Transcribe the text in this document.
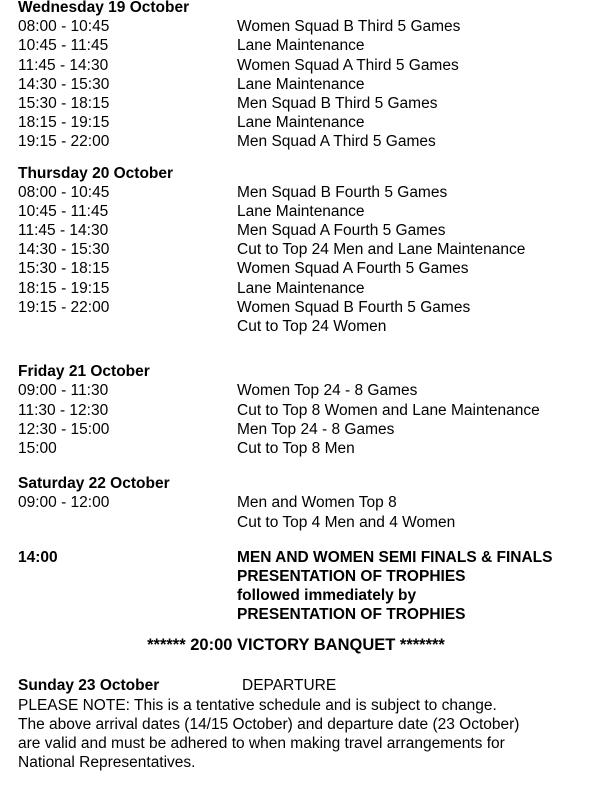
Wednesday 19 October
08:00 - 10:45	Women Squad B Third 5 Games
10:45 - 11:45	Lane Maintenance
11:45 - 14:30	Women Squad A Third 5 Games
14:30 - 15:30	Lane Maintenance
15:30 - 18:15	Men Squad B Third 5 Games
18:15 - 19:15	Lane Maintenance
19:15 - 22:00	Men Squad A Third 5 Games
Thursday 20 October
08:00 - 10:45	Men Squad B Fourth 5 Games
10:45 - 11:45	Lane Maintenance
11:45 - 14:30	Men Squad A Fourth 5 Games
14:30 - 15:30	Cut to Top 24 Men and Lane Maintenance
15:30 - 18:15	Women Squad A Fourth 5 Games
18:15 - 19:15	Lane Maintenance
19:15 - 22:00	Women Squad B Fourth 5 Games
Cut to Top 24 Women
Friday 21 October
09:00 - 11:30	Women Top 24 - 8 Games
11:30 - 12:30	Cut to Top 8 Women and Lane Maintenance
12:30 - 15:00	Men Top 24 - 8 Games
15:00	Cut to Top 8 Men
Saturday 22 October
09:00 - 12:00	Men and Women Top 8
Cut to Top 4 Men and 4 Women
14:00	MEN AND WOMEN SEMI FINALS & FINALS
PRESENTATION OF TROPHIES
followed immediately by
PRESENTATION OF TROPHIES
****** 20:00 VICTORY BANQUET *******
Sunday 23 October	DEPARTURE
PLEASE NOTE: This is a tentative schedule and is subject to change.
The above arrival dates (14/15 October) and departure date (23 October)
are valid and must be adhered to when making travel arrangements for
National Representatives.
